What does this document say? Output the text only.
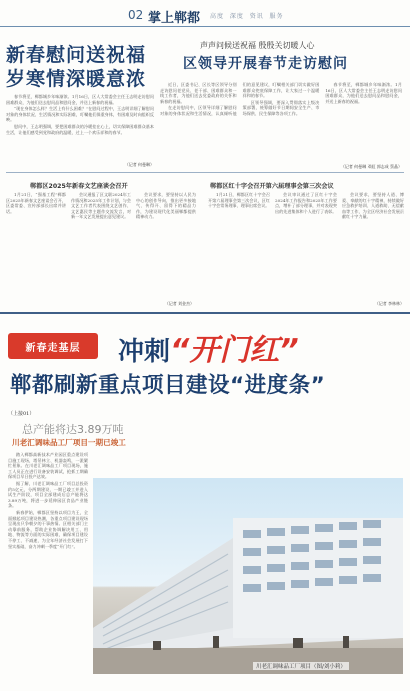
02 掌上郸都 高度 深度 资讯 服务
新春慰问送祝福
岁寒情深暖意浓

春节将至，郸都城乡年味渐浓。1月16日，区人大常委会主任王志明走访慰问困难群众，为他们送去慰问品和慰问金，并送上新春的祝福。

“现在身体怎么样？生活上有什么困难？”在慰问过程中，王志明详细了解慰问对象的身体状况、生活情况和实际困难，叮嘱他们保重身体，有困难及时向组织反映。

慰问中，王志明强调，要把困难群众的冷暖挂在心上，切实保障困难群众基本生活，让他们感受到党和政府的温暖，过上一个欢乐祥和的春节。

（记者 何曼琳）
声声问候送祝福 殷殷关切暖人心
区领导开展春节走访慰问

近日，区委书记、区长等区领导分别走访慰问老党员、老干部、困难群众和一线工作者，为他们送去党委政府的关怀和新春的祝福。

在走访慰问中，区领导详细了解慰问对象的身体状况和生活情况，认真倾听他们的意见建议，叮嘱相关部门切实做好困难群众兜底保障工作，让大家过一个温暖祥和的春节。

区领导强调，要深入贯彻落实上级决策部署，统筹做好节日期间安全生产、市场保供、民生保障等各项工作。

春节将至，郸都城乡年味渐浓。1月16日，区人大常委会主任王志明走访慰问困难群众，为他们送去慰问品和慰问金，并送上新春的祝福。

（记者 何曼琳 邓虹 郭志成 蔡晶）
郸都区2025年新春文艺座谈会召开

1月21日，“强基工程”郸都区2025年新春文艺座谈会召开，区委常委、宣传部部长出席并讲话。

会议通报了区文联2024年工作情况和2025年工作计划，与会文艺工作者代表围绕文艺创作、文艺惠民等主题作交流发言，对新一年文艺发展提出意见建议。

会议要求，要坚持以人民为中心的创作导向，推出更多接地气、传得开、留得下的精品力作，为建设现代化美丽郸都提供精神动力。

（记者 刘金杰）
郸都区红十字会召开第六届理事会第三次会议

1月21日，郸都区红十字会召开第六届理事会第三次会议，区红十字会常务理事、理事出席会议。

会议审议通过了区红十字会2024年工作报告和2025年工作要点，增补了部分理事，并对表现突出的先进集体和个人进行了表彰。

会议要求，要坚持人道、博爱、奉献的红十字精神，持续做好应急救护培训、人道救助、无偿献血等工作，为全区经济社会发展贡献红十字力量。

（记者 李林林）
新春走基层 冲刺“开门红”
郸都刷新重点项目建设“进度条”
（上接01）
总产能将达3.89万吨
川老汇调味品工厂项目一期已竣工

踏入郸都高新技术产业园区重点建设项目施工现场，塔吊林立、机器轰鸣，一派繁忙景象。在川老汇调味品工厂项目现场，施工人员正在进行设备安装调试，抢抓工期确保项目早日投产达效。

据了解，川老汇调味品工厂项目总投资约5亿元，分两期建设，一期已竣工并进入试生产阶段，项目全部建成后总产能将达3.89万吨，将进一步延伸园区食品产业链条。

新春伊始，郸都区坚持以项目为王，全面掀起项目建设热潮，各重点项目建设现场呈现出只争朝夕的干事热情。区相关部门主动靠前服务，帮助企业协调解决用工、用地、物流等方面的实际困难，确保项目建设不停工、不减速，为全年经济社会发展打下坚实基础，奋力冲刺一季度“开门红”。

川老汇调味品工厂项目（图/刘小莉）
